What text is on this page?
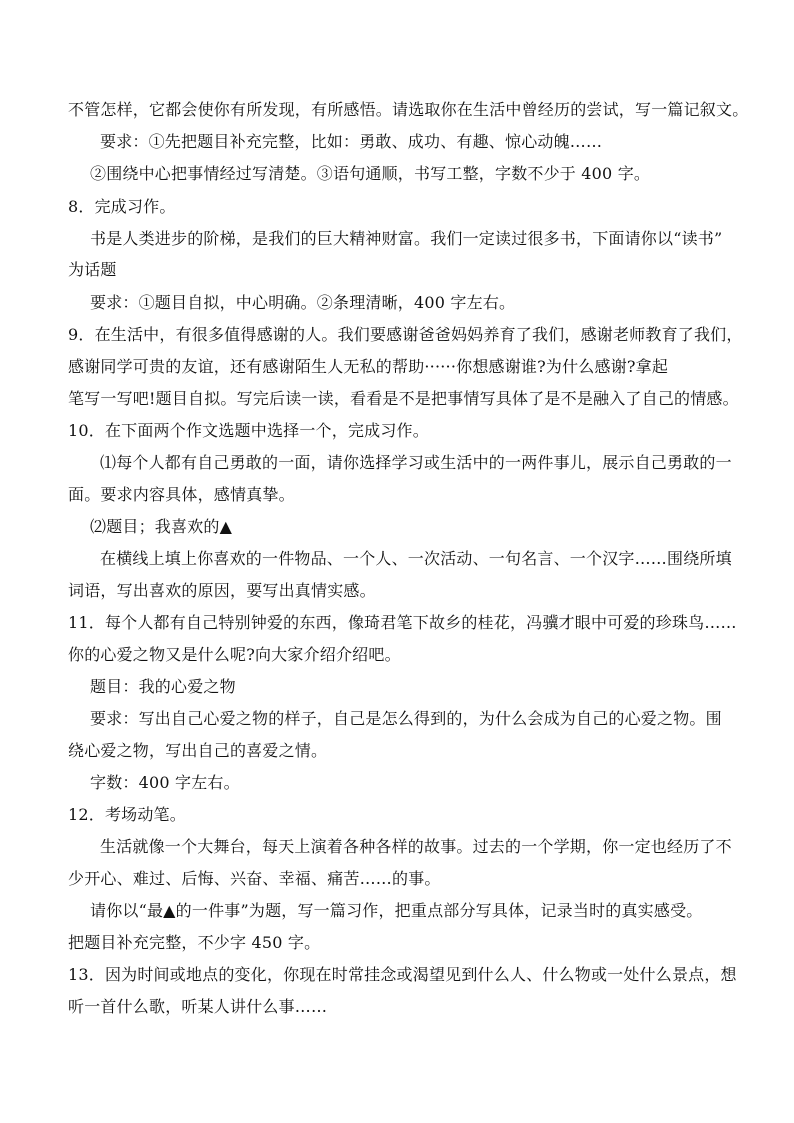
不管怎样，它都会使你有所发现，有所感悟。请选取你在生活中曾经历的尝试，写一篇记叙文。
要求：①先把题目补充完整，比如：勇敢、成功、有趣、惊心动魄……
②围绕中心把事情经过写清楚。③语句通顺，书写工整，字数不少于 400 字。
8．完成习作。
书是人类进步的阶梯，是我们的巨大精神财富。我们一定读过很多书，下面请你以“读书”
为话题
要求：①题目自拟，中心明确。②条理清晰，400 字左右。
9．在生活中，有很多值得感谢的人。我们要感谢爸爸妈妈养育了我们，感谢老师教育了我们，
感谢同学可贵的友谊，还有感谢陌生人无私的帮助······你想感谢谁?为什么感谢?拿起
笔写一写吧!题目自拟。写完后读一读，看看是不是把事情写具体了是不是融入了自己的情感。
10．在下面两个作文选题中选择一个，完成习作。
⑴每个人都有自己勇敢的一面，请你选择学习或生活中的一两件事儿，展示自己勇敢的一
面。要求内容具体，感情真挚。
⑵题目；我喜欢的▲
在横线上填上你喜欢的一件物品、一个人、一次活动、一句名言、一个汉字……围绕所填
词语，写出喜欢的原因，要写出真情实感。
11．每个人都有自己特别钟爱的东西，像琦君笔下故乡的桂花，冯骥才眼中可爱的珍珠鸟……
你的心爱之物又是什么呢?向大家介绍介绍吧。
题目：我的心爱之物
要求：写出自己心爱之物的样子，自己是怎么得到的，为什么会成为自己的心爱之物。围
绕心爱之物，写出自己的喜爱之情。
字数：400 字左右。
12．考场动笔。
生活就像一个大舞台，每天上演着各种各样的故事。过去的一个学期，你一定也经历了不
少开心、难过、后悔、兴奋、幸福、痛苦……的事。
请你以“最▲的一件事”为题，写一篇习作，把重点部分写具体，记录当时的真实感受。
把题目补充完整，不少字 450 字。
13．因为时间或地点的变化，你现在时常挂念或渴望见到什么人、什么物或一处什么景点，想
听一首什么歌，听某人讲什么事……
